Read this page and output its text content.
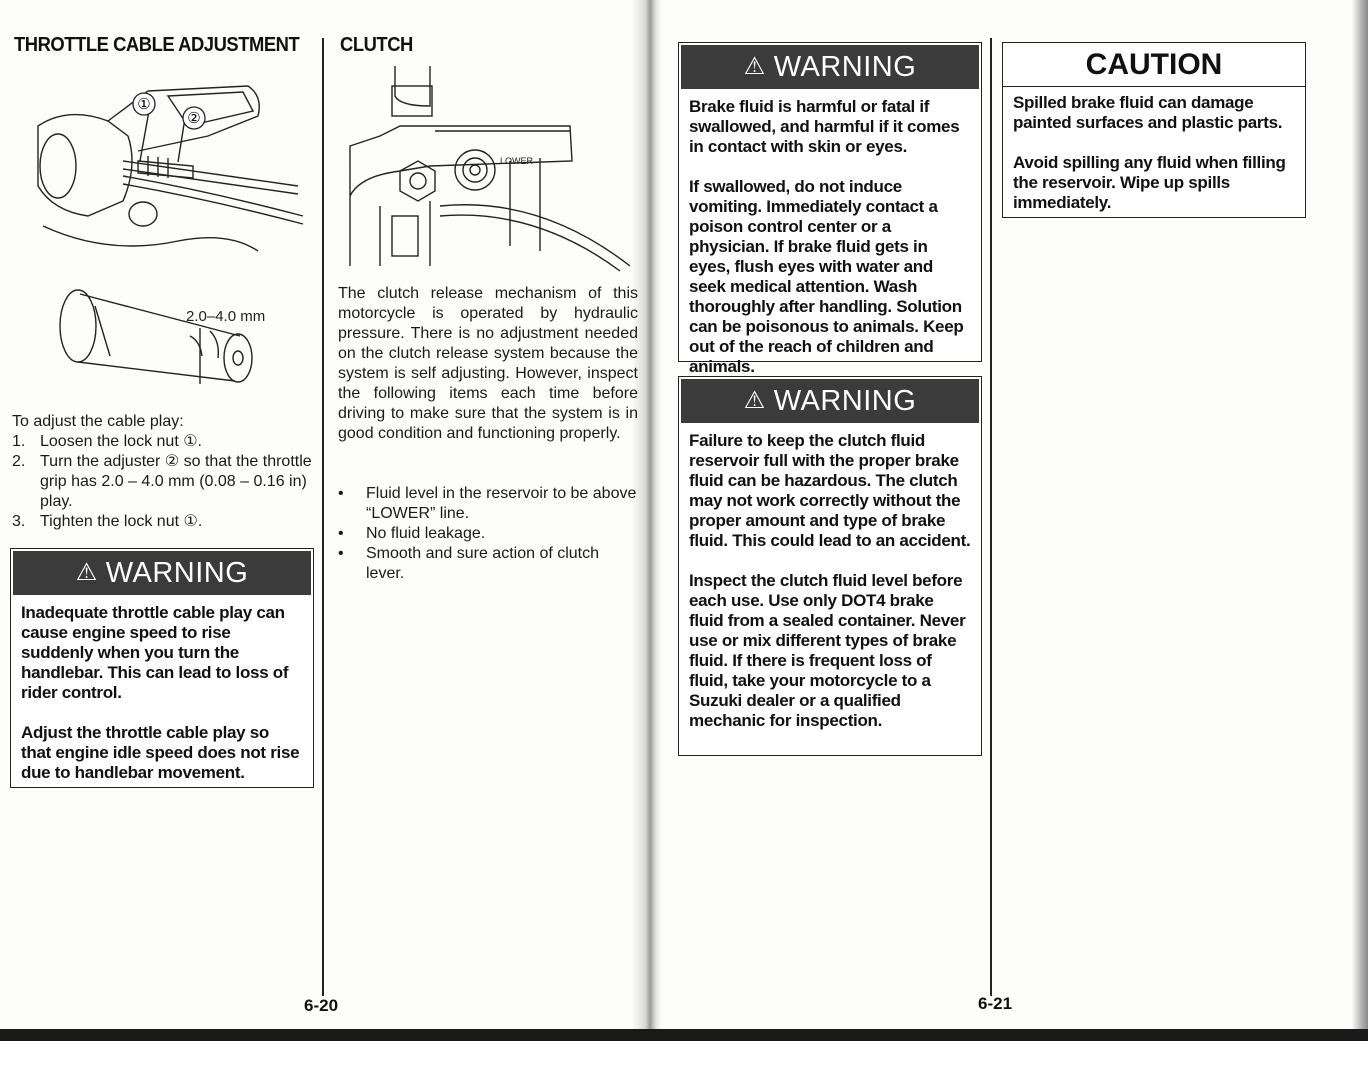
THROTTLE CABLE ADJUSTMENT
①
②
2.0–4.0 mm
To adjust the cable play:
1. Loosen the lock nut ①.
2. Turn the adjuster ② so that the throttle grip has 2.0 – 4.0 mm (0.08 – 0.16 in) play.
3. Tighten the lock nut ①.
⚠ WARNING

Inadequate throttle cable play can cause engine speed to rise suddenly when you turn the handlebar. This can lead to loss of rider control.

Adjust the throttle cable play so that engine idle speed does not rise due to handlebar movement.

CLUTCH
LOWER
The clutch release mechanism of this motorcycle is operated by hydraulic pressure. There is no adjustment needed on the clutch release system because the system is self adjusting. However, inspect the following items each time before driving to make sure that the system is in good condition and functioning properly.
• Fluid level in the reservoir to be above “LOWER” line.
• No fluid leakage.
• Smooth and sure action of clutch lever.
6-20
⚠ WARNING

Brake fluid is harmful or fatal if swallowed, and harmful if it comes in contact with skin or eyes.

If swallowed, do not induce vomiting. Immediately contact a poison control center or a physician. If brake fluid gets in eyes, flush eyes with water and seek medical attention. Wash thoroughly after handling. Solution can be poisonous to animals. Keep out of the reach of children and animals.

⚠ WARNING

Failure to keep the clutch fluid reservoir full with the proper brake fluid can be hazardous. The clutch may not work correctly without the proper amount and type of brake fluid. This could lead to an accident.

Inspect the clutch fluid level before each use. Use only DOT4 brake fluid from a sealed container. Never use or mix different types of brake fluid. If there is frequent loss of fluid, take your motorcycle to a Suzuki dealer or a qualified mechanic for inspection.

CAUTION

Spilled brake fluid can damage painted surfaces and plastic parts.

Avoid spilling any fluid when filling the reservoir. Wipe up spills immediately.

6-21
